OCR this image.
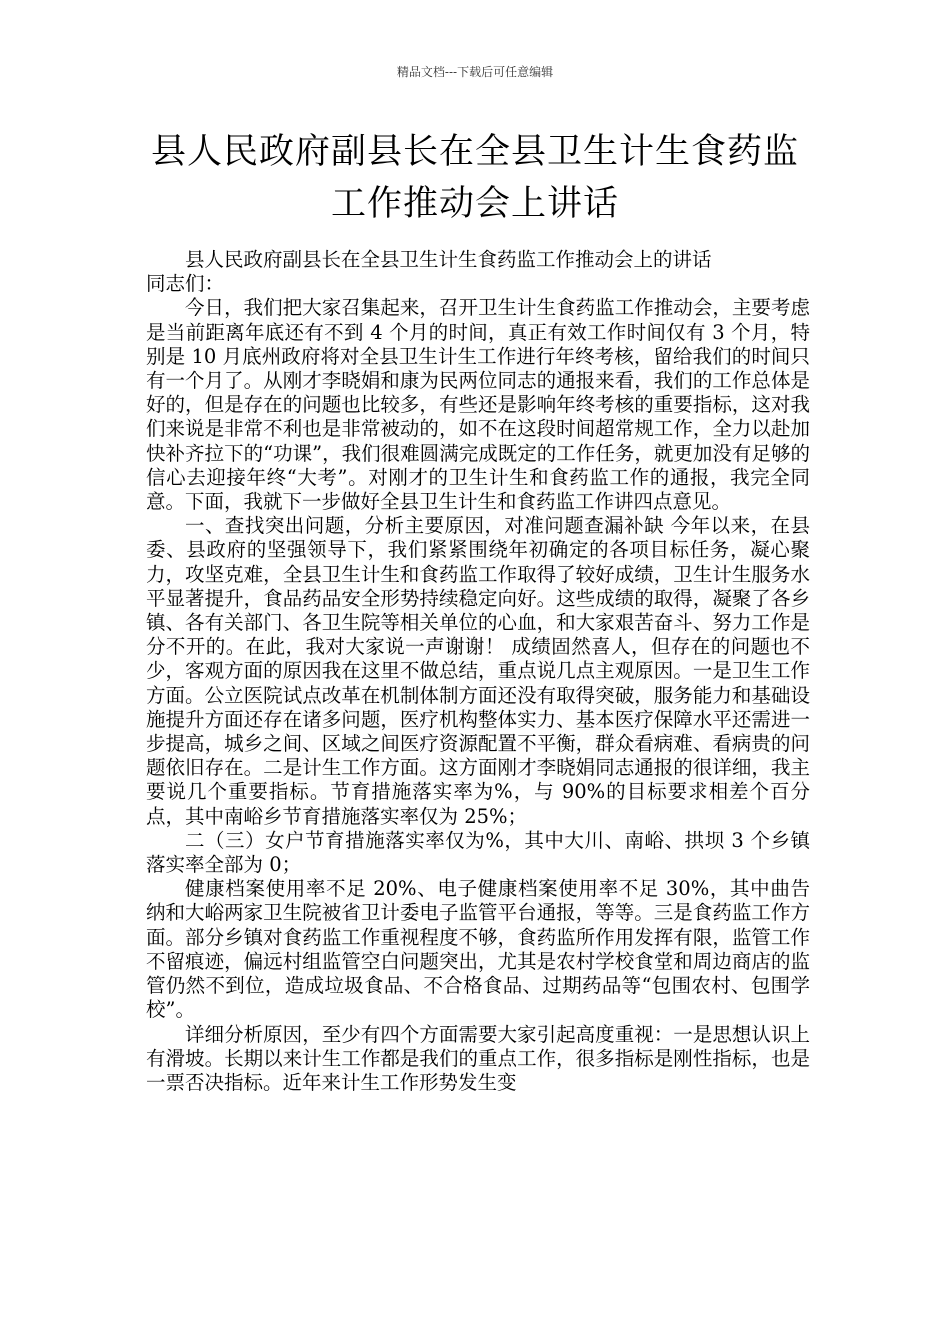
精品文档---下载后可任意编辑
县人民政府副县长在全县卫生计生食药监
工作推动会上讲话

县人民政府副县长在全县卫生计生食药监工作推动会上的讲话

同志们：

今日，我们把大家召集起来，召开卫生计生食药监工作推动会，主要考虑是当前距离年底还有不到 4 个月的时间，真正有效工作时间仅有 3 个月，特别是 10 月底州政府将对全县卫生计生工作进行年终考核，留给我们的时间只有一个月了。从刚才李晓娟和康为民两位同志的通报来看，我们的工作总体是好的，但是存在的问题也比较多，有些还是影响年终考核的重要指标，这对我们来说是非常不利也是非常被动的，如不在这段时间超常规工作，全力以赴加快补齐拉下的“功课”，我们很难圆满完成既定的工作任务，就更加没有足够的信心去迎接年终“大考”。对刚才的卫生计生和食药监工作的通报，我完全同意。下面，我就下一步做好全县卫生计生和食药监工作讲四点意见。

一、查找突出问题，分析主要原因，对准问题查漏补缺 今年以来，在县委、县政府的坚强领导下，我们紧紧围绕年初确定的各项目标任务，凝心聚力，攻坚克难，全县卫生计生和食药监工作取得了较好成绩，卫生计生服务水平显著提升，食品药品安全形势持续稳定向好。这些成绩的取得，凝聚了各乡镇、各有关部门、各卫生院等相关单位的心血，和大家艰苦奋斗、努力工作是分不开的。在此，我对大家说一声谢谢！ 成绩固然喜人，但存在的问题也不少，客观方面的原因我在这里不做总结，重点说几点主观原因。一是卫生工作方面。公立医院试点改革在机制体制方面还没有取得突破，服务能力和基础设施提升方面还存在诸多问题，医疗机构整体实力、基本医疗保障水平还需进一步提高，城乡之间、区域之间医疗资源配置不平衡，群众看病难、看病贵的问题依旧存在。二是计生工作方面。这方面刚才李晓娟同志通报的很详细，我主要说几个重要指标。节育措施落实率为%，与 90%的目标要求相差个百分点，其中南峪乡节育措施落实率仅为 25%；

二（三）女户节育措施落实率仅为%，其中大川、南峪、拱坝 3 个乡镇落实率全部为 0；

健康档案使用率不足 20%、电子健康档案使用率不足 30%，其中曲告纳和大峪两家卫生院被省卫计委电子监管平台通报，等等。三是食药监工作方面。部分乡镇对食药监工作重视程度不够，食药监所作用发挥有限，监管工作不留痕迹，偏远村组监管空白问题突出，尤其是农村学校食堂和周边商店的监管仍然不到位，造成垃圾食品、不合格食品、过期药品等“包围农村、包围学校”。

详细分析原因，至少有四个方面需要大家引起高度重视：一是思想认识上有滑坡。长期以来计生工作都是我们的重点工作，很多指标是刚性指标，也是一票否决指标。近年来计生工作形势发生变
